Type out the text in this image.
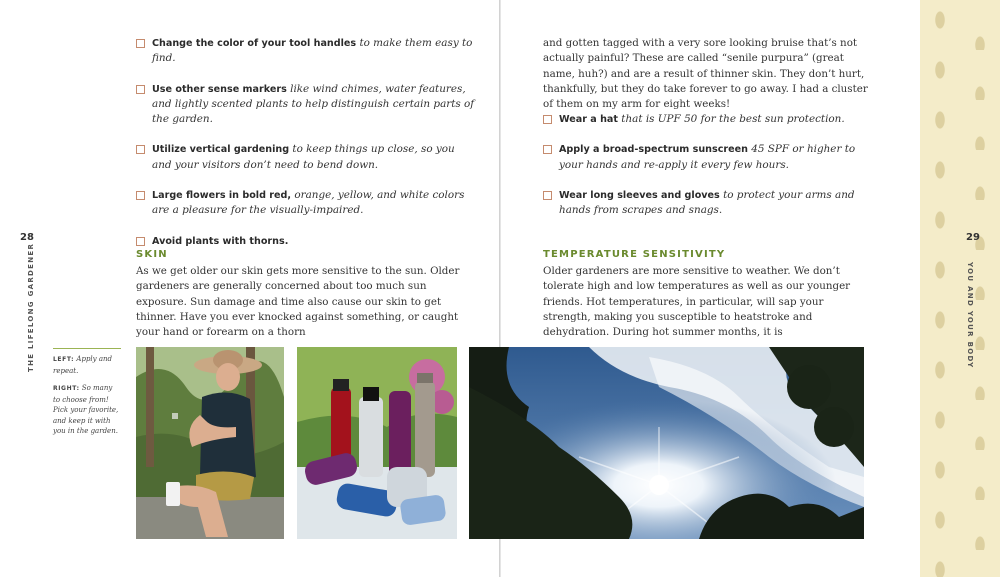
Change the color of your tool handles to make them easy to find.
Use other sense markers like wind chimes, water features, and lightly scented plants to help distinguish certain parts of the garden.
Utilize vertical gardening to keep things up close, so you and your visitors don’t need to bend down.
Large flowers in bold red, orange, yellow, and white colors are a pleasure for the visually-impaired.
Avoid plants with thorns.
28
THE LIFELONG GARDENER	SKIN

As we get older our skin gets more sensitive to the sun. Older gardeners are generally concerned about too much sun exposure. Sun damage and time also cause our skin to get thinner. Have you ever knocked against something, or caught your hand or forearm on a thorn

LEFT: Apply and repeat.

RIGHT: So many to choose from! Pick your favorite, and keep it with you in the garden.

and gotten tagged with a very sore looking bruise that’s not actually painful? These are called “senile purpura” (great name, huh?) and are a result of thinner skin. They don’t hurt, thankfully, but they do take forever to go away. I had a cluster of them on my arm for eight weeks!

Wear a hat that is UPF 50 for the best sun protection.
Apply a broad-spectrum sunscreen 45 SPF or higher to your hands and re-apply it every few hours.
Wear long sleeves and gloves to protect your arms and hands from scrapes and snags.
29
YOU AND YOUR BODY
TEMPERATURE SENSITIVITY

Older gardeners are more sensitive to weather. We don’t tolerate high and low temperatures as well as our younger friends. Hot temperatures, in particular, will sap your strength, making you susceptible to heatstroke and dehydration. During hot summer months, it is
